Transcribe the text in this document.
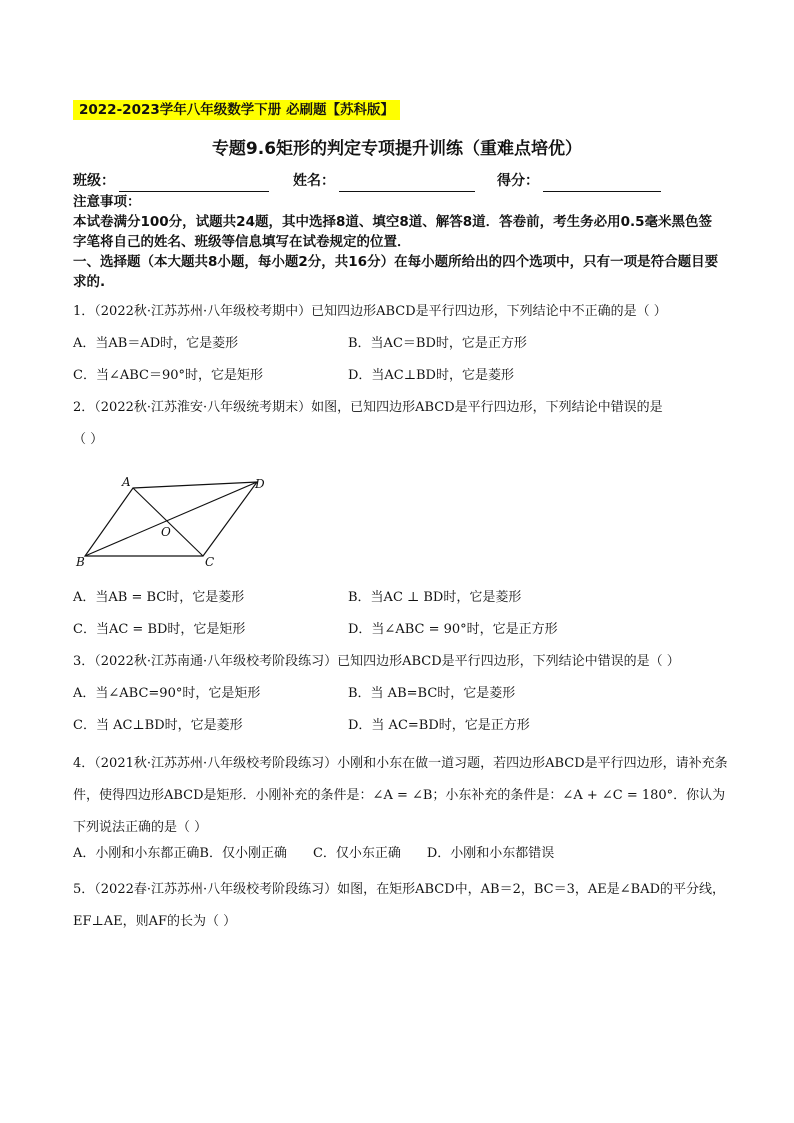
2022-2023学年八年级数学下册 必刷题【苏科版】
专题9.6矩形的判定专项提升训练（重难点培优）
班级：	姓名：	得分：
注意事项：
本试卷满分100分，试题共24题，其中选择8道、填空8道、解答8道．答卷前，考生务必用0.5毫米黑色签字笔将自己的姓名、班级等信息填写在试卷规定的位置．
一、选择题（本大题共8小题，每小题2分，共16分）在每小题所给出的四个选项中，只有一项是符合题目要求的.
1．（2022秋·江苏苏州·八年级校考期中）已知四边形ABCD是平行四边形，下列结论中不正确的是（ ）
A．当AB＝AD时，它是菱形	B．当AC＝BD时，它是正方形
C．当∠ABC＝90°时，它是矩形	D．当AC⊥BD时，它是菱形
2．（2022秋·江苏淮安·八年级统考期末）如图，已知四边形ABCD是平行四边形，下列结论中错误的是
（ ）
A	D
O
B	C
A．当AB = BC时，它是菱形	B．当AC ⊥ BD时，它是菱形
C．当AC = BD时，它是矩形	D．当∠ABC = 90°时，它是正方形
3．（2022秋·江苏南通·八年级校考阶段练习）已知四边形ABCD是平行四边形，下列结论中错误的是（ ）
A．当∠ABC=90°时，它是矩形	B．当 AB=BC时，它是菱形
C．当 AC⊥BD时，它是菱形	D．当 AC=BD时，它是正方形
4．（2021秋·江苏苏州·八年级校考阶段练习）小刚和小东在做一道习题，若四边形ABCD是平行四边形，请补充条件，使得四边形ABCD是矩形．小刚补充的条件是：∠A = ∠B；小东补充的条件是：∠A + ∠C = 180°．你认为下列说法正确的是（ ）
A．小刚和小东都正确B．仅小刚正确　　C．仅小东正确　　D．小刚和小东都错误
5．（2022春·江苏苏州·八年级校考阶段练习）如图，在矩形ABCD中，AB＝2，BC＝3，AE是∠BAD的平分线，EF⊥AE，则AF的长为（ ）
